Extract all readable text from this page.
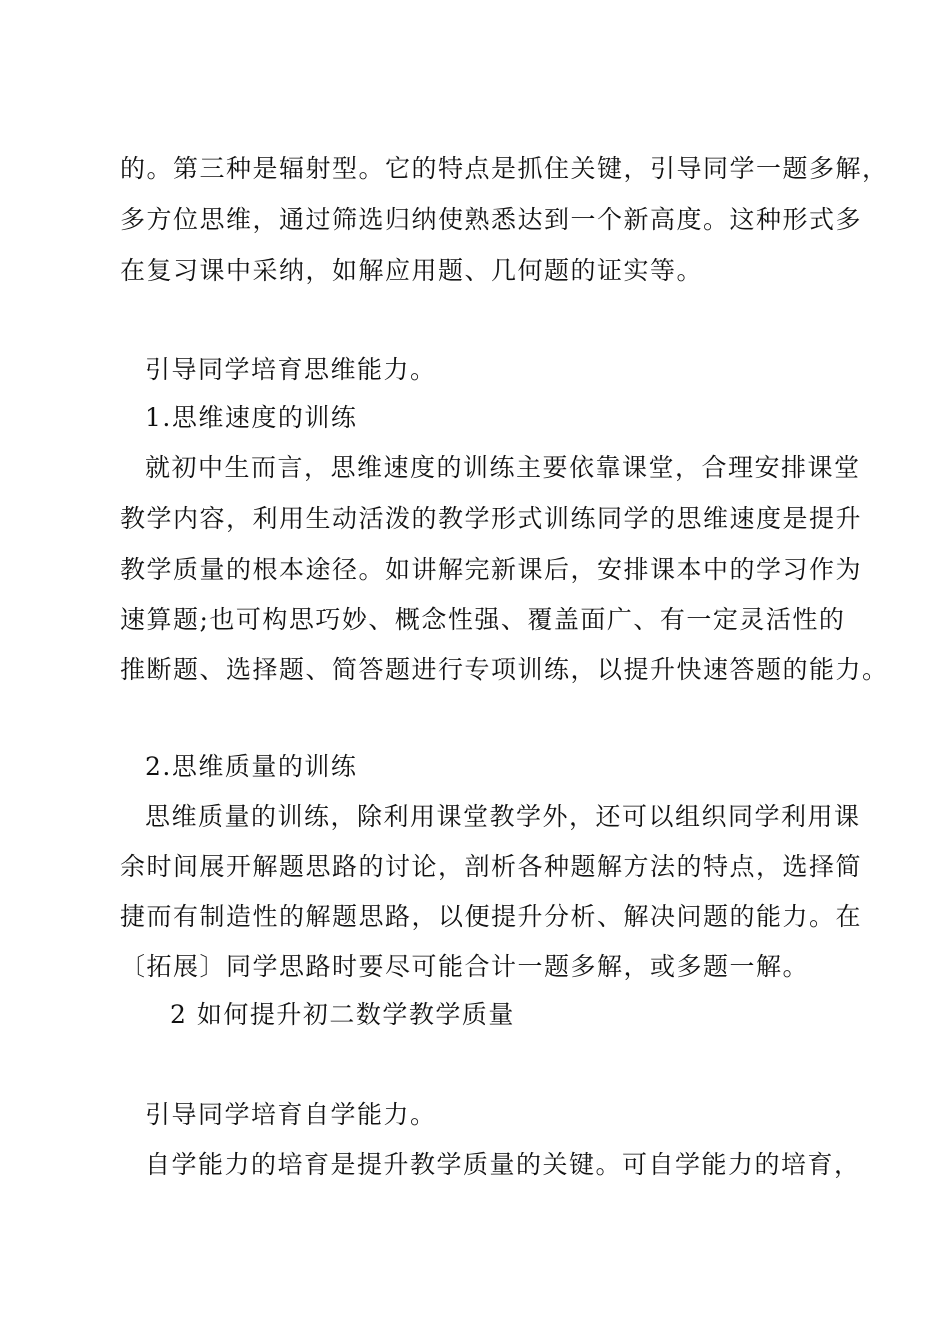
的。第三种是辐射型。它的特点是抓住关键，引导同学一题多解，
多方位思维，通过筛选归纳使熟悉达到一个新高度。这种形式多
在复习课中采纳，如解应用题、几何题的证实等。
引导同学培育思维能力。
1.思维速度的训练
就初中生而言，思维速度的训练主要依靠课堂，合理安排课堂
教学内容，利用生动活泼的教学形式训练同学的思维速度是提升
教学质量的根本途径。如讲解完新课后，安排课本中的学习作为
速算题;也可构思巧妙、概念性强、覆盖面广、有一定灵活性的
推断题、选择题、简答题进行专项训练，以提升快速答题的能力。
2.思维质量的训练
思维质量的训练，除利用课堂教学外，还可以组织同学利用课
余时间展开解题思路的讨论，剖析各种题解方法的特点，选择简
捷而有制造性的解题思路，以便提升分析、解决问题的能力。在
〔拓展〕同学思路时要尽可能合计一题多解，或多题一解。
2 如何提升初二数学教学质量
引导同学培育自学能力。
自学能力的培育是提升教学质量的关键。可自学能力的培育，
